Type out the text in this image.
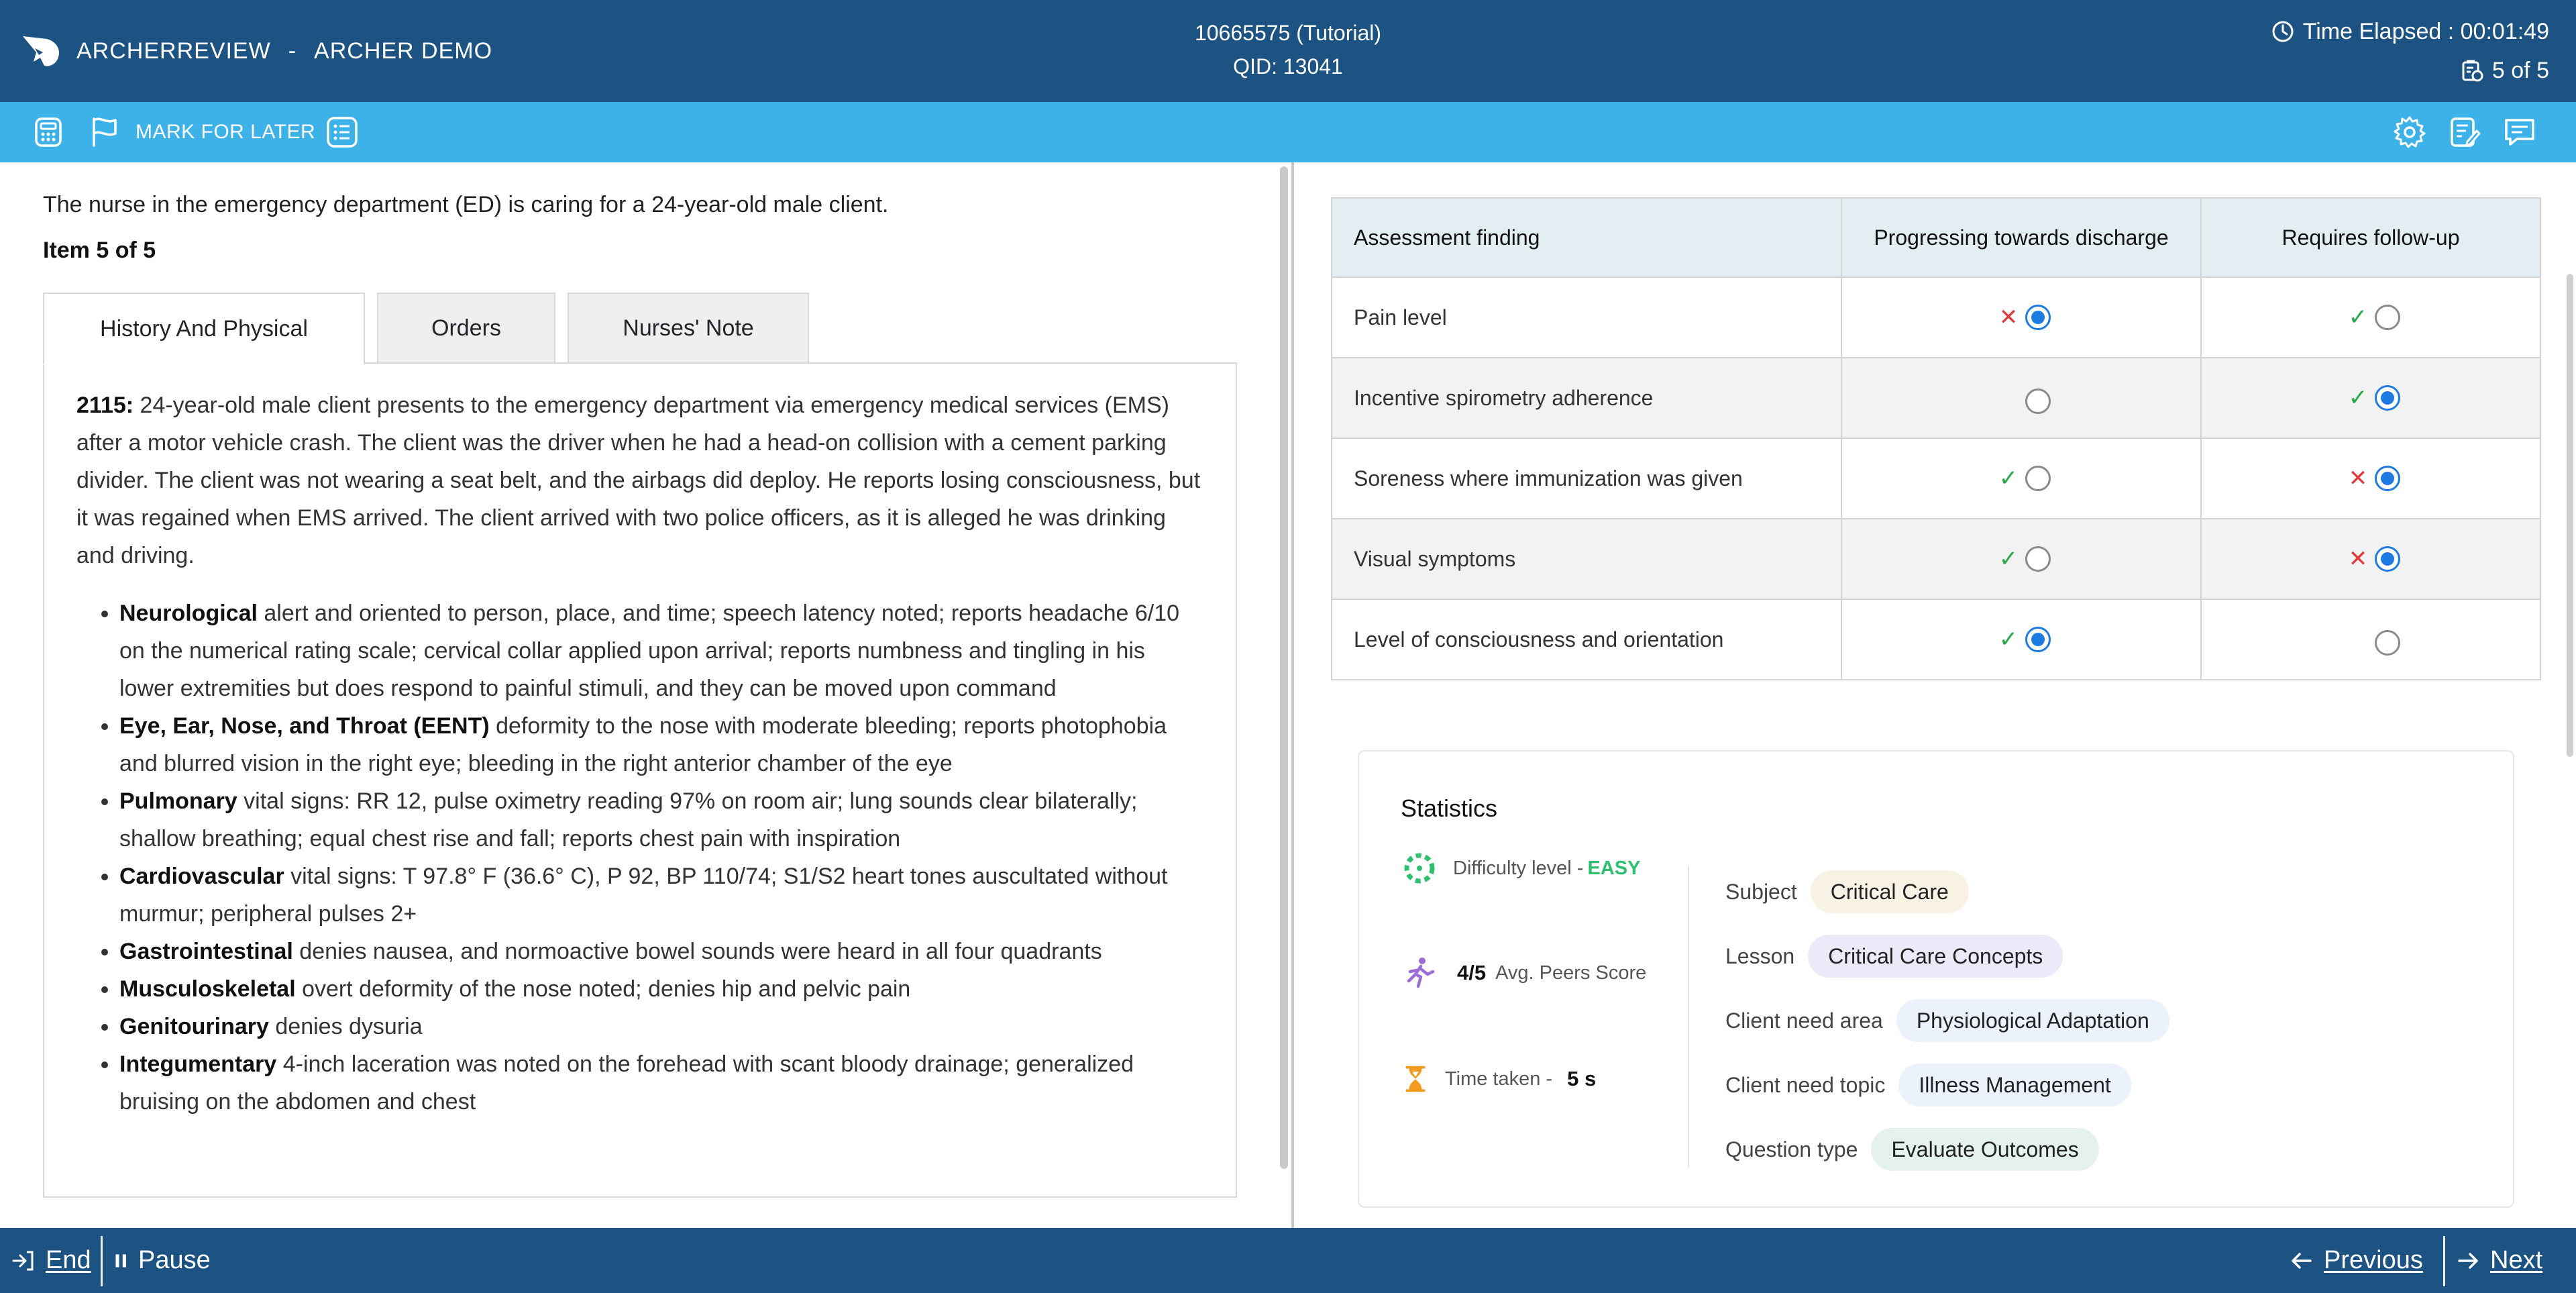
ARCHERREVIEW - ARCHER DEMO
10665575 (Tutorial)
QID: 13041
Time Elapsed : 00:01:49
5 of 5
MARK FOR LATER
The nurse in the emergency department (ED) is caring for a 24-year-old male client.
Item 5 of 5
History And Physical	Orders	Nurses' Note

2115: 24-year-old male client presents to the emergency department via emergency medical services (EMS) after a motor vehicle crash. The client was the driver when he had a head-on collision with a cement parking divider. The client was not wearing a seat belt, and the airbags did deploy. He reports losing consciousness, but it was regained when EMS arrived. The client arrived with two police officers, as it is alleged he was drinking and driving.

• Neurological alert and oriented to person, place, and time; speech latency noted; reports headache 6/10 on the numerical rating scale; cervical collar applied upon arrival; reports numbness and tingling in his lower extremities but does respond to painful stimuli, and they can be moved upon command
• Eye, Ear, Nose, and Throat (EENT) deformity to the nose with moderate bleeding; reports photophobia and blurred vision in the right eye; bleeding in the right anterior chamber of the eye
• Pulmonary vital signs: RR 12, pulse oximetry reading 97% on room air; lung sounds clear bilaterally; shallow breathing; equal chest rise and fall; reports chest pain with inspiration
• Cardiovascular vital signs: T 97.8° F (36.6° C), P 92, BP 110/74; S1/S2 heart tones auscultated without murmur; peripheral pulses 2+
• Gastrointestinal denies nausea, and normoactive bowel sounds were heard in all four quadrants
• Musculoskeletal overt deformity of the nose noted; denies hip and pelvic pain
• Genitourinary denies dysuria
• Integumentary 4-inch laceration was noted on the forehead with scant bloody drainage; generalized bruising on the abdomen and chest
Assessment finding	Progressing towards discharge	Requires follow-up
Pain level	✕	✓

Incentive spirometry adherence		✓

Soreness where immunization was given	✓	✕

Visual symptoms	✓	✕

Level of consciousness and orientation	✓	

Statistics
Difficulty level - EASY
4/5 Avg. Peers Score
Time taken - 5 s
Subject	Critical Care
Lesson	Critical Care Concepts
Client need area	Physiological Adaptation
Client need topic	Illness Management
Question type	Evaluate Outcomes
End Pause	Previous	Next
